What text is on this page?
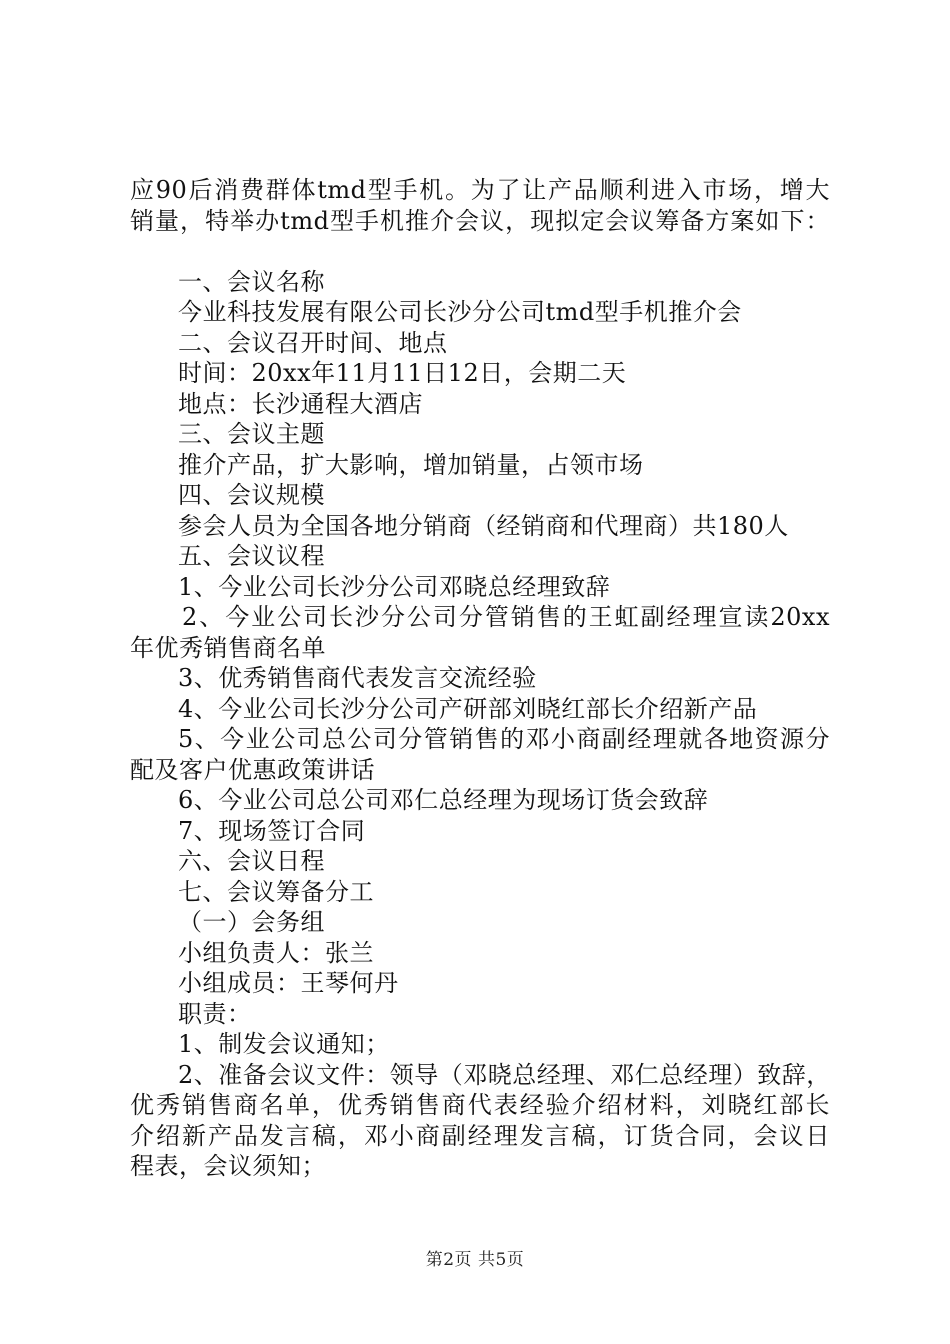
应90后消费群体tmd型手机。为了让产品顺利进入市场，增大
销量，特举办tmd型手机推介会议，现拟定会议筹备方案如下：
一、会议名称
今业科技发展有限公司长沙分公司tmd型手机推介会
二、会议召开时间、地点
时间：20xx年11月11日12日，会期二天
地点：长沙通程大酒店
三、会议主题
推介产品，扩大影响，增加销量，占领市场
四、会议规模
参会人员为全国各地分销商（经销商和代理商）共180人
五、会议议程
1、今业公司长沙分公司邓晓总经理致辞
2、今业公司长沙分公司分管销售的王虹副经理宣读20xx
年优秀销售商名单
3、优秀销售商代表发言交流经验
4、今业公司长沙分公司产研部刘晓红部长介绍新产品
5、今业公司总公司分管销售的邓小商副经理就各地资源分
配及客户优惠政策讲话
6、今业公司总公司邓仁总经理为现场订货会致辞
7、现场签订合同
六、会议日程
七、会议筹备分工
（一）会务组
小组负责人：张兰
小组成员：王琴何丹
职责：
1、制发会议通知；
2、准备会议文件：领导（邓晓总经理、邓仁总经理）致辞，
优秀销售商名单，优秀销售商代表经验介绍材料，刘晓红部长
介绍新产品发言稿，邓小商副经理发言稿，订货合同，会议日
程表，会议须知；
第2页 共5页
